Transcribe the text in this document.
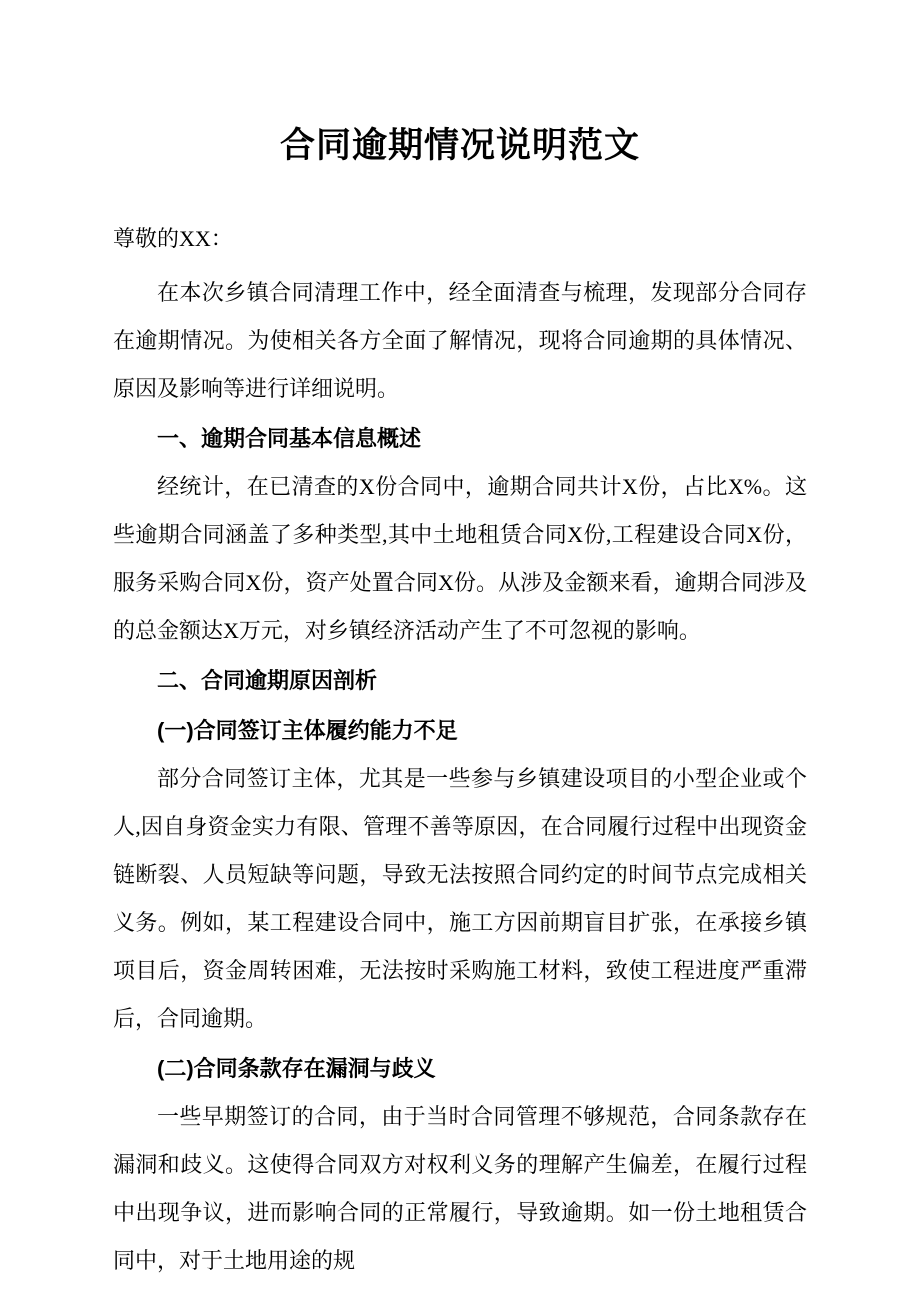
合同逾期情况说明范文

尊敬的XX：

在本次乡镇合同清理工作中，经全面清查与梳理，发现部分合同存在逾期情况。为使相关各方全面了解情况，现将合同逾期的具体情况、原因及影响等进行详细说明。

一、逾期合同基本信息概述

经统计，在已清查的X份合同中，逾期合同共计X份，占比X%。这些逾期合同涵盖了多种类型,其中土地租赁合同X份,工程建设合同X份，服务采购合同X份，资产处置合同X份。从涉及金额来看，逾期合同涉及的总金额达X万元，对乡镇经济活动产生了不可忽视的影响。

二、合同逾期原因剖析
(一)合同签订主体履约能力不足

部分合同签订主体，尤其是一些参与乡镇建设项目的小型企业或个人,因自身资金实力有限、管理不善等原因，在合同履行过程中出现资金链断裂、人员短缺等问题，导致无法按照合同约定的时间节点完成相关义务。例如，某工程建设合同中，施工方因前期盲目扩张，在承接乡镇项目后，资金周转困难，无法按时采购施工材料，致使工程进度严重滞后，合同逾期。

(二)合同条款存在漏洞与歧义

一些早期签订的合同，由于当时合同管理不够规范，合同条款存在漏洞和歧义。这使得合同双方对权利义务的理解产生偏差，在履行过程中出现争议，进而影响合同的正常履行，导致逾期。如一份土地租赁合同中，对于土地用途的规
